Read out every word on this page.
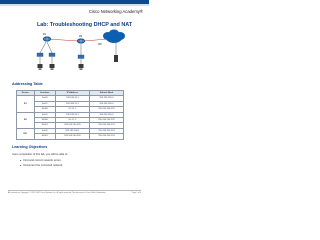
Cisco Networking Academy®
Lab: Troubleshooting DHCP and NAT
R1
R2
ISP
Addressing Table
Device	Interface	IP Address	Subnet Mask
R1	Fa0/0	192.168.10.1	255.255.255.0
	Fa0/1	192.168.11.1	255.255.255.0
	S0/0/0	10.1.1.1	255.255.255.252
R2	Fa0/0	192.168.20.1	255.255.255.0
	S0/0/0	10.1.1.2	255.255.255.252
	S0/0/1	209.165.200.225	255.255.255.224
ISP	Fa0/0	209.165.200.1	255.255.255.224
	S0/0/1	209.165.200.226	255.255.255.224
Learning Objectives
Upon completion of this lab, you will be able to:
Find and correct network errors.
Document the corrected network.
All contents are Copyright © 1992–2007 Cisco Systems, Inc. All rights reserved. This document is Cisco Public Information.	Page 1 of 6
